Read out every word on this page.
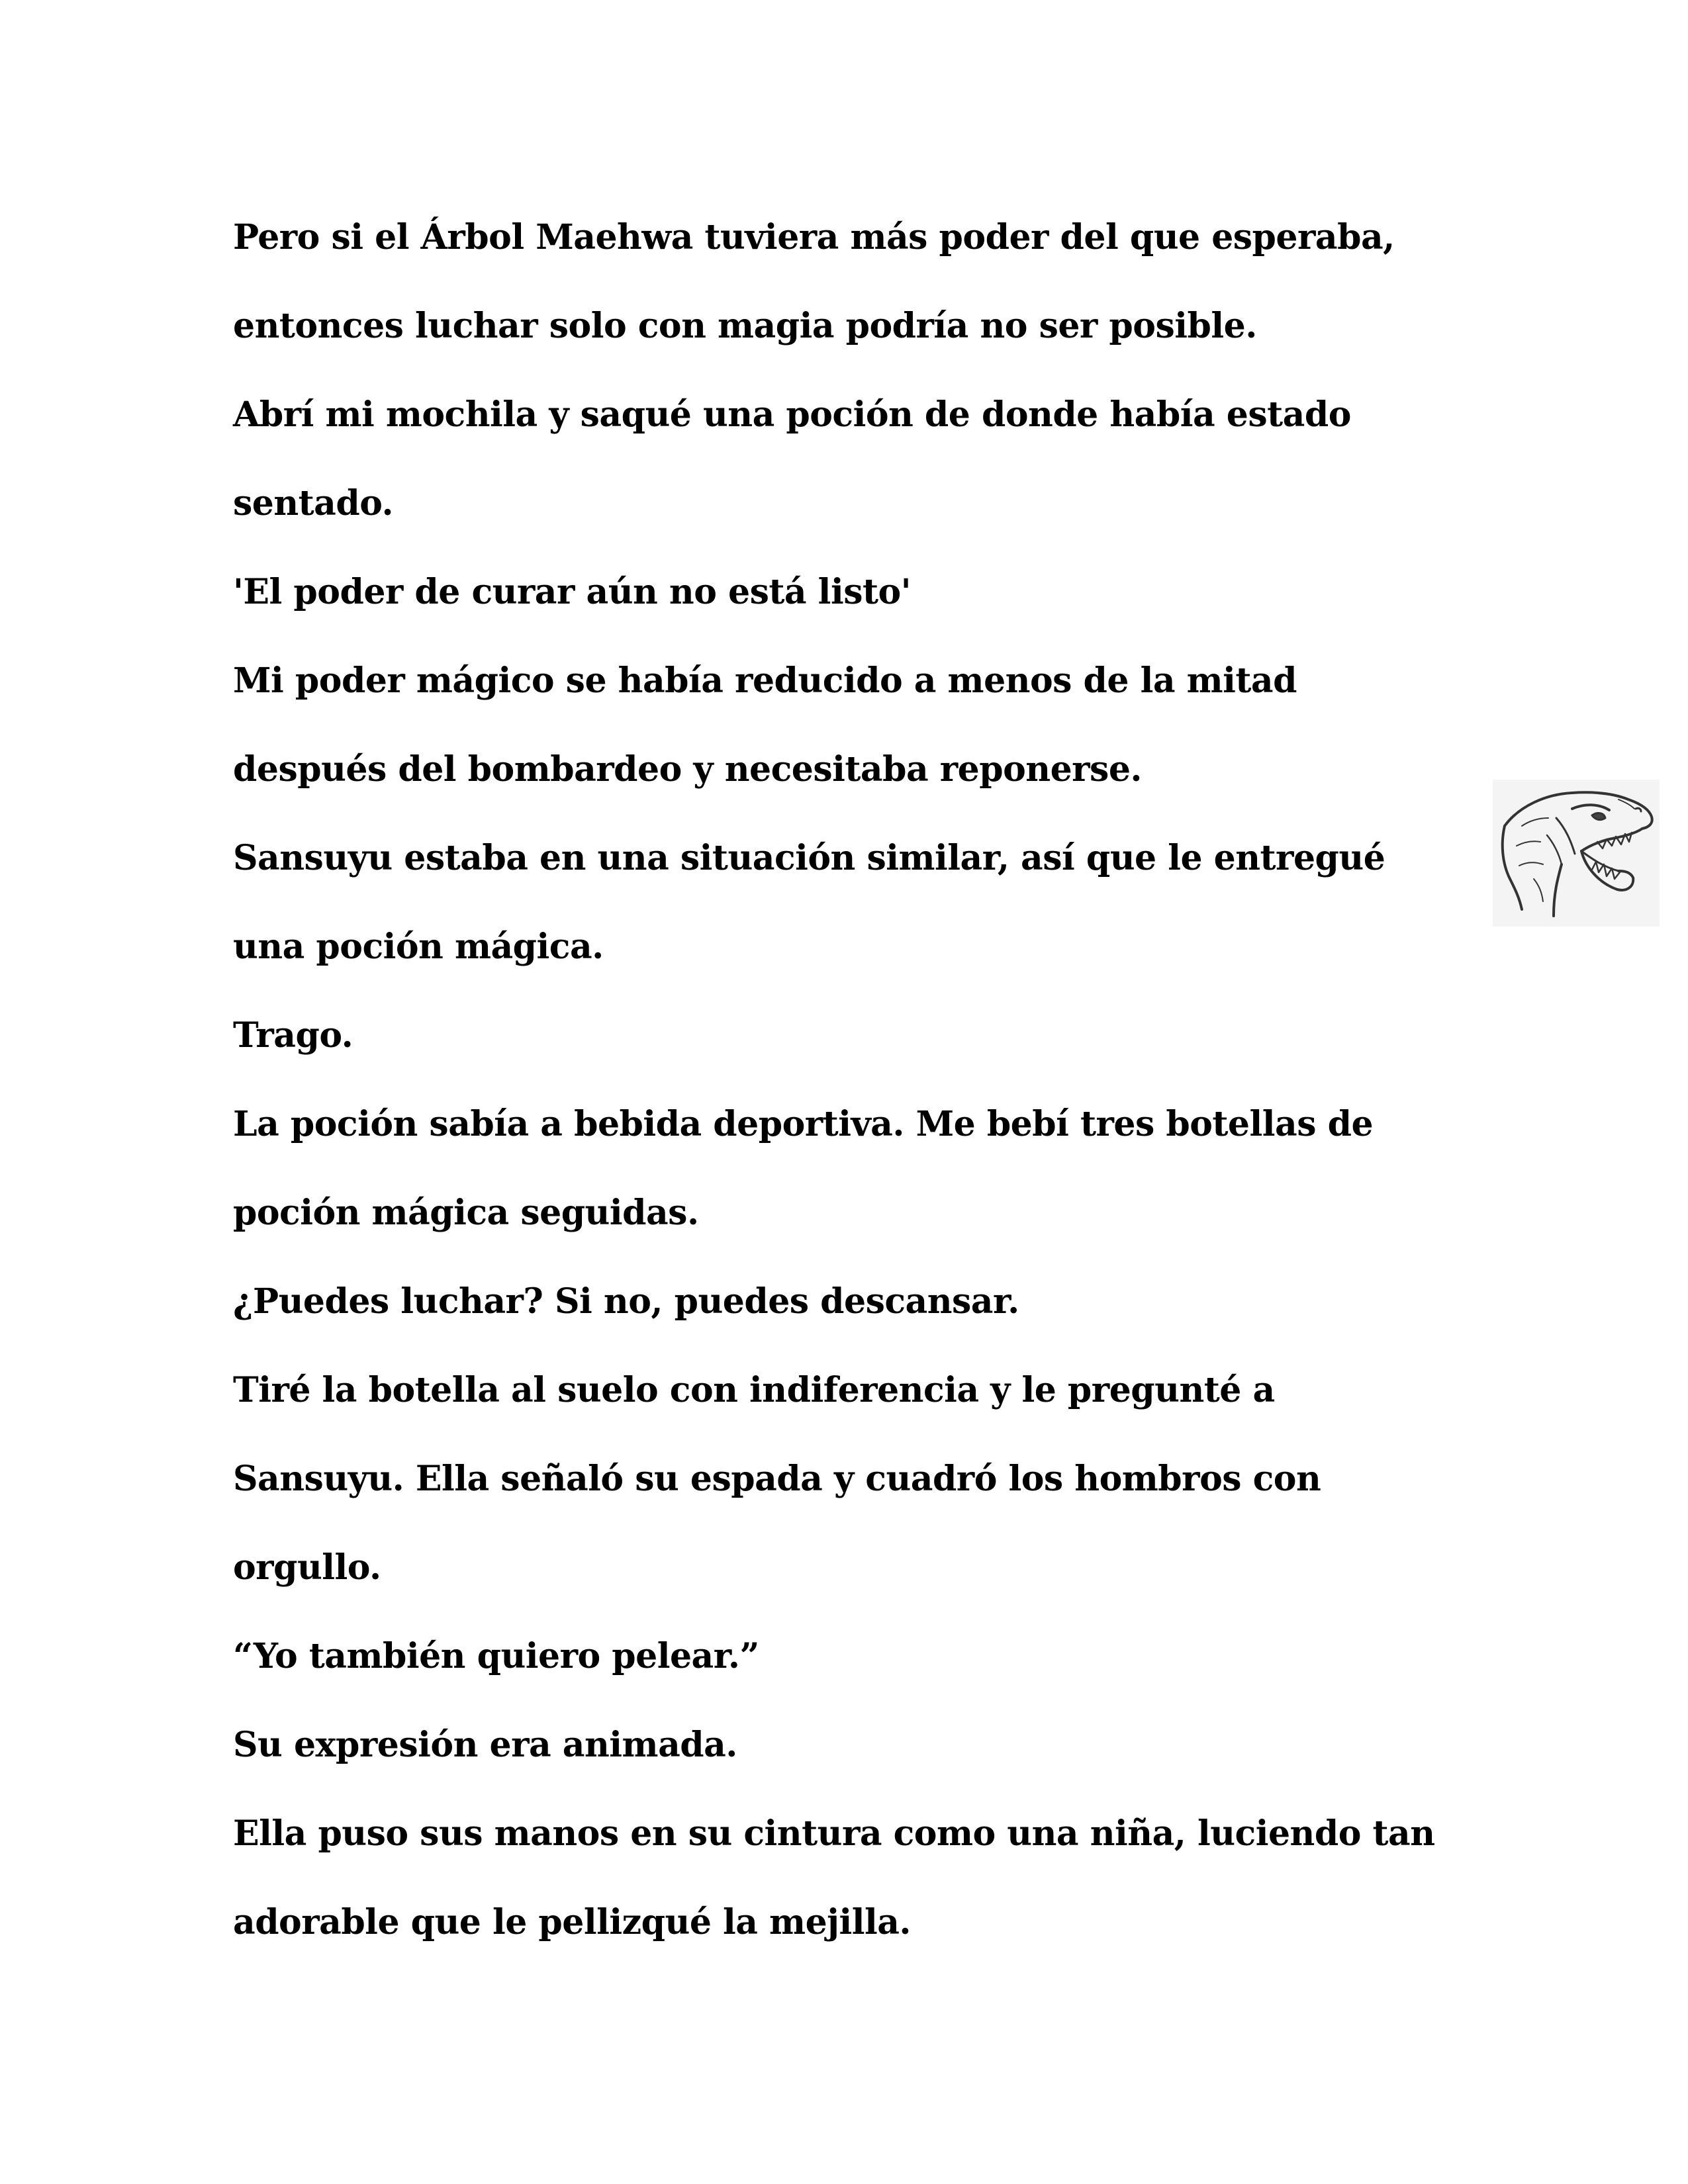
Pero si el Árbol Maehwa tuviera más poder del que esperaba,
entonces luchar solo con magia podría no ser posible.
Abrí mi mochila y saqué una poción de donde había estado
sentado.
'El poder de curar aún no está listo'
Mi poder mágico se había reducido a menos de la mitad
después del bombardeo y necesitaba reponerse.
Sansuyu estaba en una situación similar, así que le entregué
una poción mágica.
Trago.
La poción sabía a bebida deportiva. Me bebí tres botellas de
poción mágica seguidas.
¿Puedes luchar? Si no, puedes descansar.
Tiré la botella al suelo con indiferencia y le pregunté a
Sansuyu. Ella señaló su espada y cuadró los hombros con
orgullo.
“Yo también quiero pelear.”
Su expresión era animada.
Ella puso sus manos en su cintura como una niña, luciendo tan
adorable que le pellizqué la mejilla.
